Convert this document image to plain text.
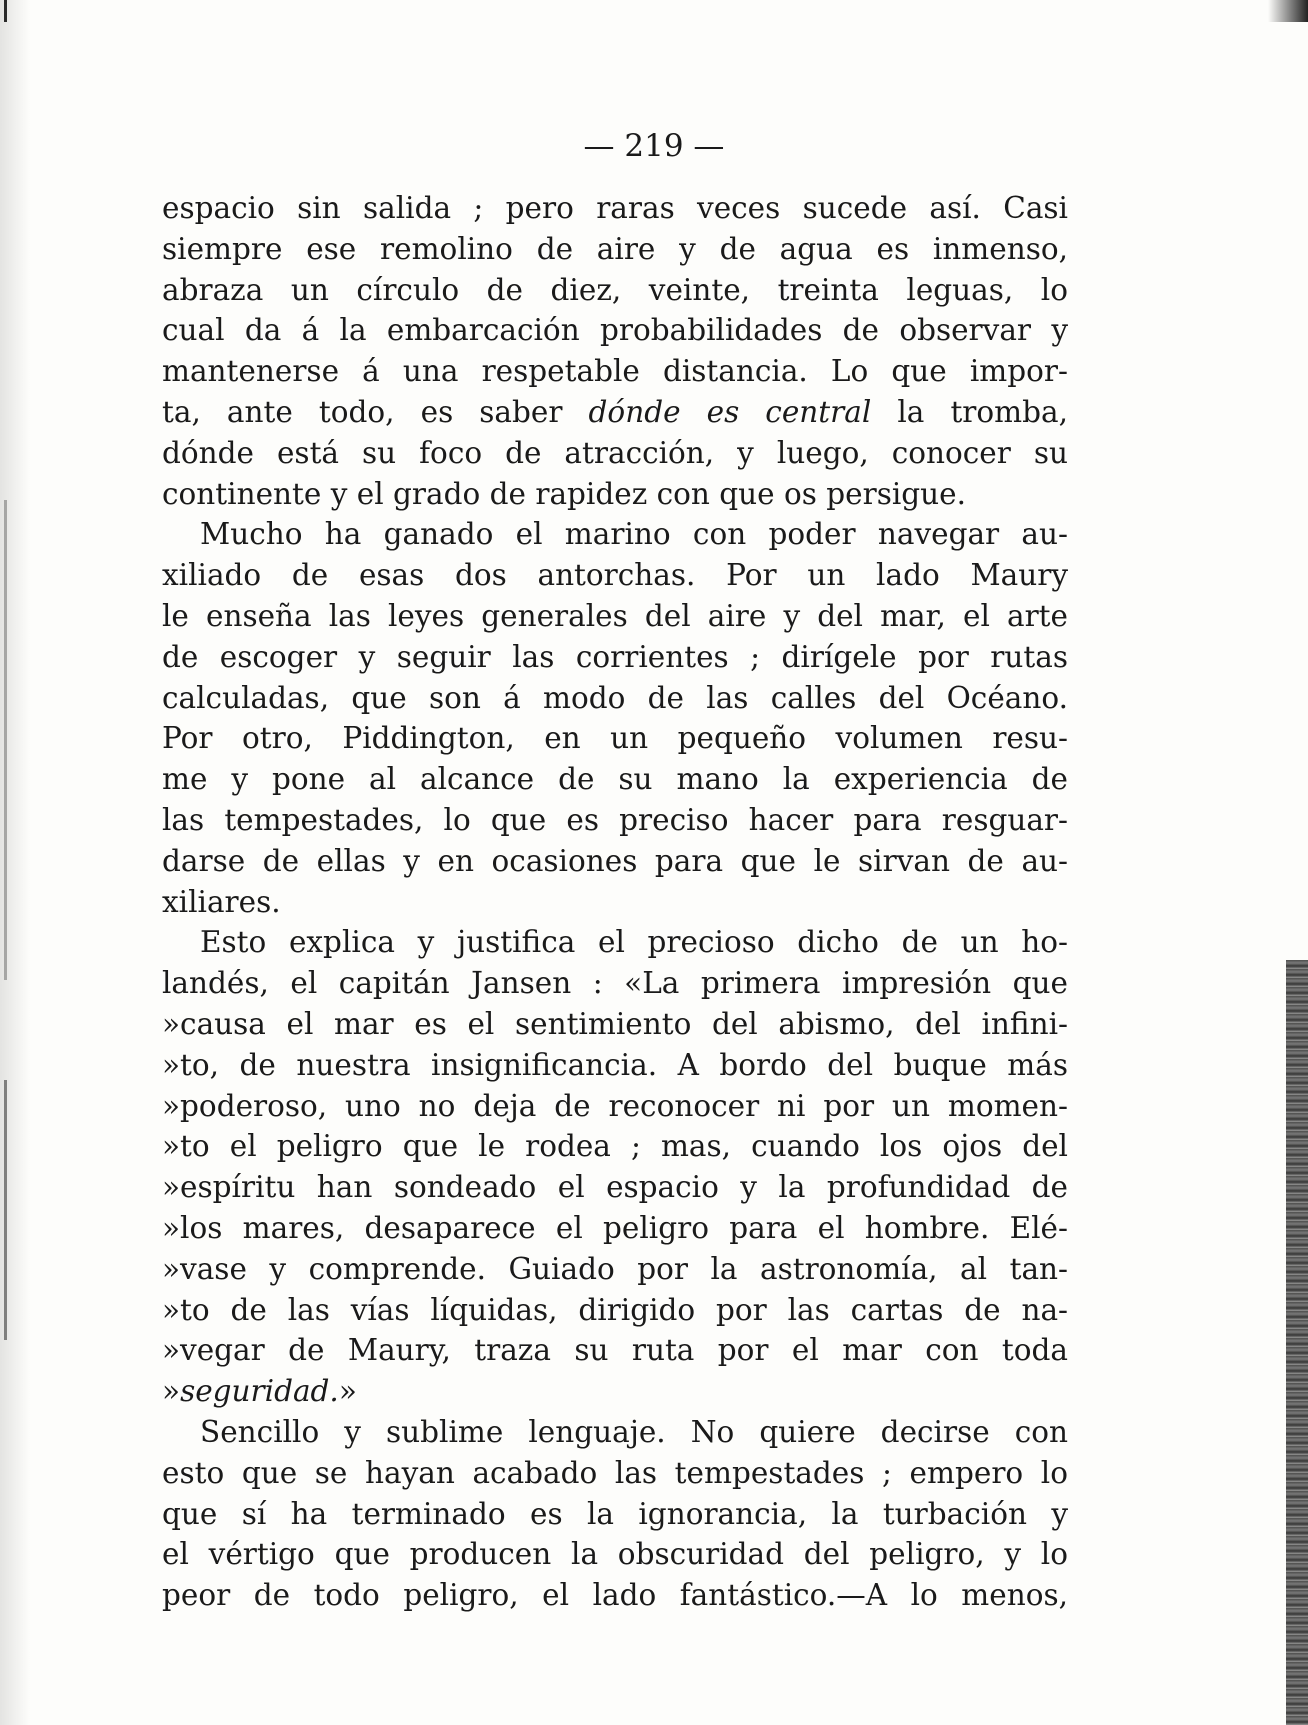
— 219 —
espacio sin salida ; pero raras veces sucede así. Casi
siempre ese remolino de aire y de agua es inmenso,
abraza un círculo de diez, veinte, treinta leguas, lo
cual da á la embarcación probabilidades de observar y
mantenerse á una respetable distancia. Lo que impor-
ta, ante todo, es saber dónde es central la tromba,
dónde está su foco de atracción, y luego, conocer su
continente y el grado de rapidez con que os persigue.
Mucho ha ganado el marino con poder navegar au-
xiliado de esas dos antorchas. Por un lado Maury
le enseña las leyes generales del aire y del mar, el arte
de escoger y seguir las corrientes ; dirígele por rutas
calculadas, que son á modo de las calles del Océano.
Por otro, Piddington, en un pequeño volumen resu-
me y pone al alcance de su mano la experiencia de
las tempestades, lo que es preciso hacer para resguar-
darse de ellas y en ocasiones para que le sirvan de au-
xiliares.
Esto explica y justifica el precioso dicho de un ho-
landés, el capitán Jansen : «La primera impresión que
»causa el mar es el sentimiento del abismo, del infini-
»to, de nuestra insignificancia. A bordo del buque más
»poderoso, uno no deja de reconocer ni por un momen-
»to el peligro que le rodea ; mas, cuando los ojos del
»espíritu han sondeado el espacio y la profundidad de
»los mares, desaparece el peligro para el hombre. Elé-
»vase y comprende. Guiado por la astronomía, al tan-
»to de las vías líquidas, dirigido por las cartas de na-
»vegar de Maury, traza su ruta por el mar con toda
»seguridad.»
Sencillo y sublime lenguaje. No quiere decirse con
esto que se hayan acabado las tempestades ; empero lo
que sí ha terminado es la ignorancia, la turbación y
el vértigo que producen la obscuridad del peligro, y lo
peor de todo peligro, el lado fantástico.—A lo menos,
